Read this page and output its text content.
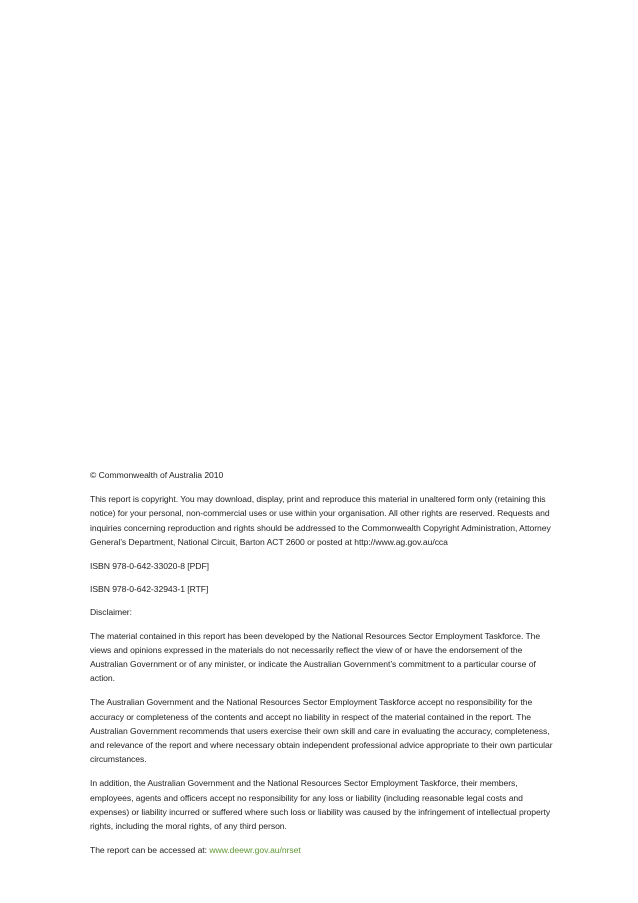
© Commonwealth of Australia 2010

This report is copyright. You may download, display, print and reproduce this material in unaltered form only (retaining this notice) for your personal, non-commercial uses or use within your organisation. All other rights are reserved. Requests and inquiries concerning reproduction and rights should be addressed to the Commonwealth Copyright Administration, Attorney General’s Department, National Circuit, Barton ACT 2600 or posted at http://www.ag.gov.au/cca

ISBN 978-0-642-33020-8 [PDF]

ISBN 978-0-642-32943-1 [RTF]

Disclaimer:

The material contained in this report has been developed by the National Resources Sector Employment Taskforce. The views and opinions expressed in the materials do not necessarily reflect the view of or have the endorsement of the Australian Government or of any minister, or indicate the Australian Government’s commitment to a particular course of action.

The Australian Government and the National Resources Sector Employment Taskforce accept no responsibility for the accuracy or completeness of the contents and accept no liability in respect of the material contained in the report. The Australian Government recommends that users exercise their own skill and care in evaluating the accuracy, completeness, and relevance of the report and where necessary obtain independent professional advice appropriate to their own particular circumstances.

In addition, the Australian Government and the National Resources Sector Employment Taskforce, their members, employees, agents and officers accept no responsibility for any loss or liability (including reasonable legal costs and expenses) or liability incurred or suffered where such loss or liability was caused by the infringement of intellectual property rights, including the moral rights, of any third person.

The report can be accessed at: www.deewr.gov.au/nrset
